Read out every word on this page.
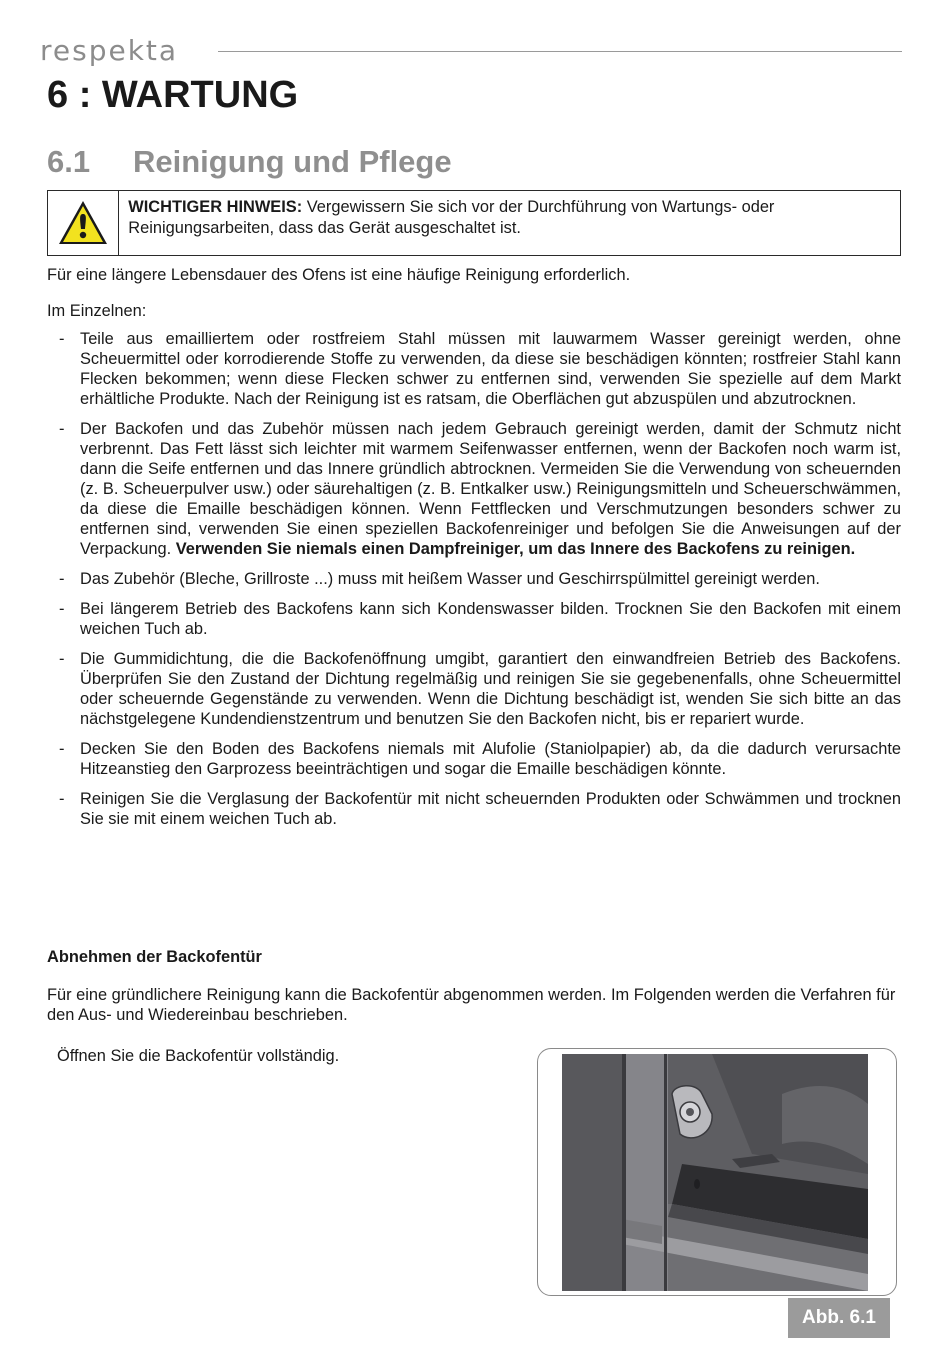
respekta
6 : WARTUNG
6.1 Reinigung und Pflege
WICHTIGER HINWEIS: Vergewissern Sie sich vor der Durchführung von Wartungs- oder Reinigungsarbeiten, dass das Gerät ausgeschaltet ist.

Für eine längere Lebensdauer des Ofens ist eine häufige Reinigung erforderlich.

Im Einzelnen:

- Teile aus emailliertem oder rostfreiem Stahl müssen mit lauwarmem Wasser gereinigt werden, ohne Scheuermittel oder korrodierende Stoffe zu verwenden, da diese sie beschädigen könnten; rostfreier Stahl kann Flecken bekommen; wenn diese Flecken schwer zu entfernen sind, verwenden Sie spezielle auf dem Markt erhältliche Produkte. Nach der Reinigung ist es ratsam, die Oberflächen gut abzuspülen und abzutrocknen.
- Der Backofen und das Zubehör müssen nach jedem Gebrauch gereinigt werden, damit der Schmutz nicht verbrennt. Das Fett lässt sich leichter mit warmem Seifenwasser entfernen, wenn der Backofen noch warm ist, dann die Seife entfernen und das Innere gründlich abtrocknen. Vermeiden Sie die Verwendung von scheuernden (z. B. Scheuerpulver usw.) oder säurehaltigen (z. B. Entkalker usw.) Reinigungsmitteln und Scheuerschwämmen, da diese die Emaille beschädigen können. Wenn Fettflecken und Verschmutzungen besonders schwer zu entfernen sind, verwenden Sie einen speziellen Backofenreiniger und befolgen Sie die Anweisungen auf der Verpackung. Verwenden Sie niemals einen Dampfreiniger, um das Innere des Backofens zu reinigen.
- Das Zubehör (Bleche, Grillroste ...) muss mit heißem Wasser und Geschirrspülmittel gereinigt werden.
- Bei längerem Betrieb des Backofens kann sich Kondenswasser bilden. Trocknen Sie den Backofen mit einem weichen Tuch ab.
- Die Gummidichtung, die die Backofenöffnung umgibt, garantiert den einwandfreien Betrieb des Backofens. Überprüfen Sie den Zustand der Dichtung regelmäßig und reinigen Sie sie gegebenenfalls, ohne Scheuermittel oder scheuernde Gegenstände zu verwenden. Wenn die Dichtung beschädigt ist, wenden Sie sich bitte an das nächstgelegene Kundendienstzentrum und benutzen Sie den Backofen nicht, bis er repariert wurde.
- Decken Sie den Boden des Backofens niemals mit Alufolie (Staniolpapier) ab, da die dadurch verursachte Hitzeanstieg den Garprozess beeinträchtigen und sogar die Emaille beschädigen könnte.
- Reinigen Sie die Verglasung der Backofentür mit nicht scheuernden Produkten oder Schwämmen und trocknen Sie sie mit einem weichen Tuch ab.
Abnehmen der Backofentür

Für eine gründlichere Reinigung kann die Backofentür abgenommen werden. Im Folgenden werden die Verfahren für den Aus- und Wiedereinbau beschrieben.

Öffnen Sie die Backofentür vollständig.

Abb. 6.1
